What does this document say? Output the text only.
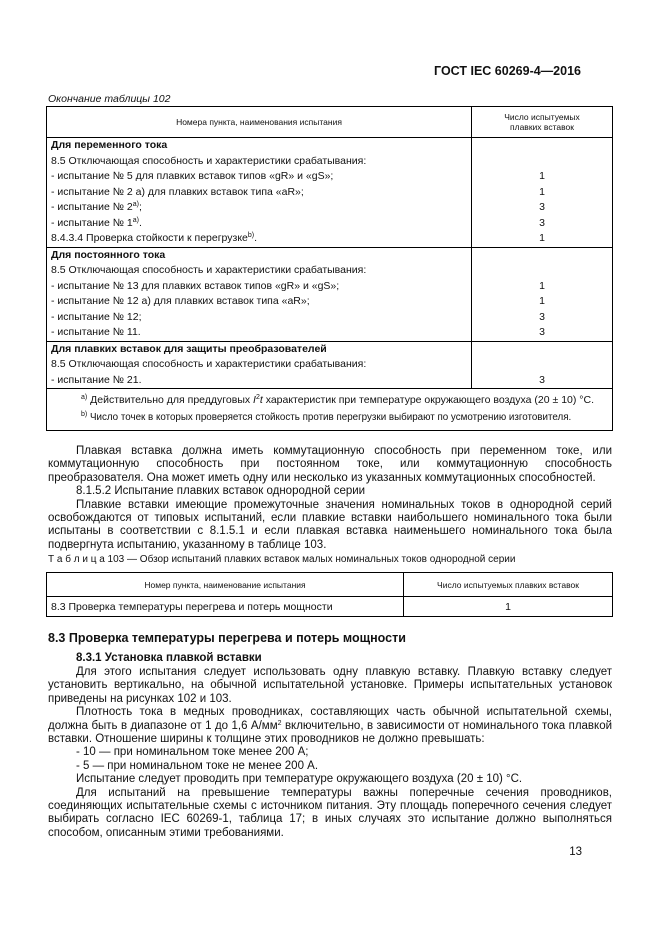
ГОСТ IEC 60269-4—2016
Окончание таблицы 102
Номера пункта, наименования испытания	Число испытуемых
плавких вставок
Для переменного тока	
8.5 Отключающая способность и характеристики срабатывания:	
- испытание № 5 для плавких вставок типов «gR» и «gS»;	1
- испытание № 2 а) для плавких вставок типа «aR»;	1
- испытание № 2$^{a)}$;	3
- испытание № 1$^{a)}$.	3
8.4.3.4 Проверка стойкости к перегрузке$^{b)}$.	1
Для постоянного тока	
8.5 Отключающая способность и характеристики срабатывания:	
- испытание № 13 для плавких вставок типов «gR» и «gS»;	1
- испытание № 12 а) для плавких вставок типа «aR»;	1
- испытание № 12;	3
- испытание № 11.	3
Для плавких вставок для защиты преобразователей	
8.5 Отключающая способность и характеристики срабатывания:	
- испытание № 21.	3

$^{a)}$ Действительно для преддуговых $I^2t$ характеристик при температуре окружающего воздуха (20 ± 10) °С.
$^{b)}$ Число точек в которых проверяется стойкость против перегрузки выбирают по усмотрению изготовителя.	

Плавкая вставка должна иметь коммутационную способность при переменном токе, или коммутационную способность при постоянном токе, или коммутационную способность преобразователя. Она может иметь одну или несколько из указанных коммутационных способностей.

8.1.5.2 Испытание плавких вставок однородной серии

Плавкие вставки имеющие промежуточные значения номинальных токов в однородной серий освобождаются от типовых испытаний, если плавкие вставки наибольшего номинального тока были испытаны в соответствии с 8.1.5.1 и если плавкая вставка наименьшего номинального тока была подвергнута испытанию, указанному в таблице 103.

Т а б л и ц а 103 — Обзор испытаний плавких вставок малых номинальных токов однородной серии
Номер пункта, наименование испытания	Число испытуемых плавких вставок
8.3 Проверка температуры перегрева и потерь мощности	1
8.3 Проверка температуры перегрева и потерь мощности
8.3.1 Установка плавкой вставки

Для этого испытания следует использовать одну плавкую вставку. Плавкую вставку следует установить вертикально, на обычной испытательной установке. Примеры испытательных установок приведены на рисунках 102 и 103.

Плотность тока в медных проводниках, составляющих часть обычной испытательной схемы, должна быть в диапазоне от 1 до 1,6 $А/мм^2$ включительно, в зависимости от номинального тока плавкой вставки. Отношение ширины к толщине этих проводников не должно превышать:

- 10 — при номинальном токе менее 200 А;

- 5 — при номинальном токе не менее 200 А.

Испытание следует проводить при температуре окружающего воздуха (20 ± 10) °С.

Для испытаний на превышение температуры важны поперечные сечения проводников, соединяющих испытательные схемы с источником питания. Эту площадь поперечного сечения следует выбирать согласно IEC 60269-1, таблица 17; в иных случаях это испытание должно выполняться способом, описанным этими требованиями.

13
